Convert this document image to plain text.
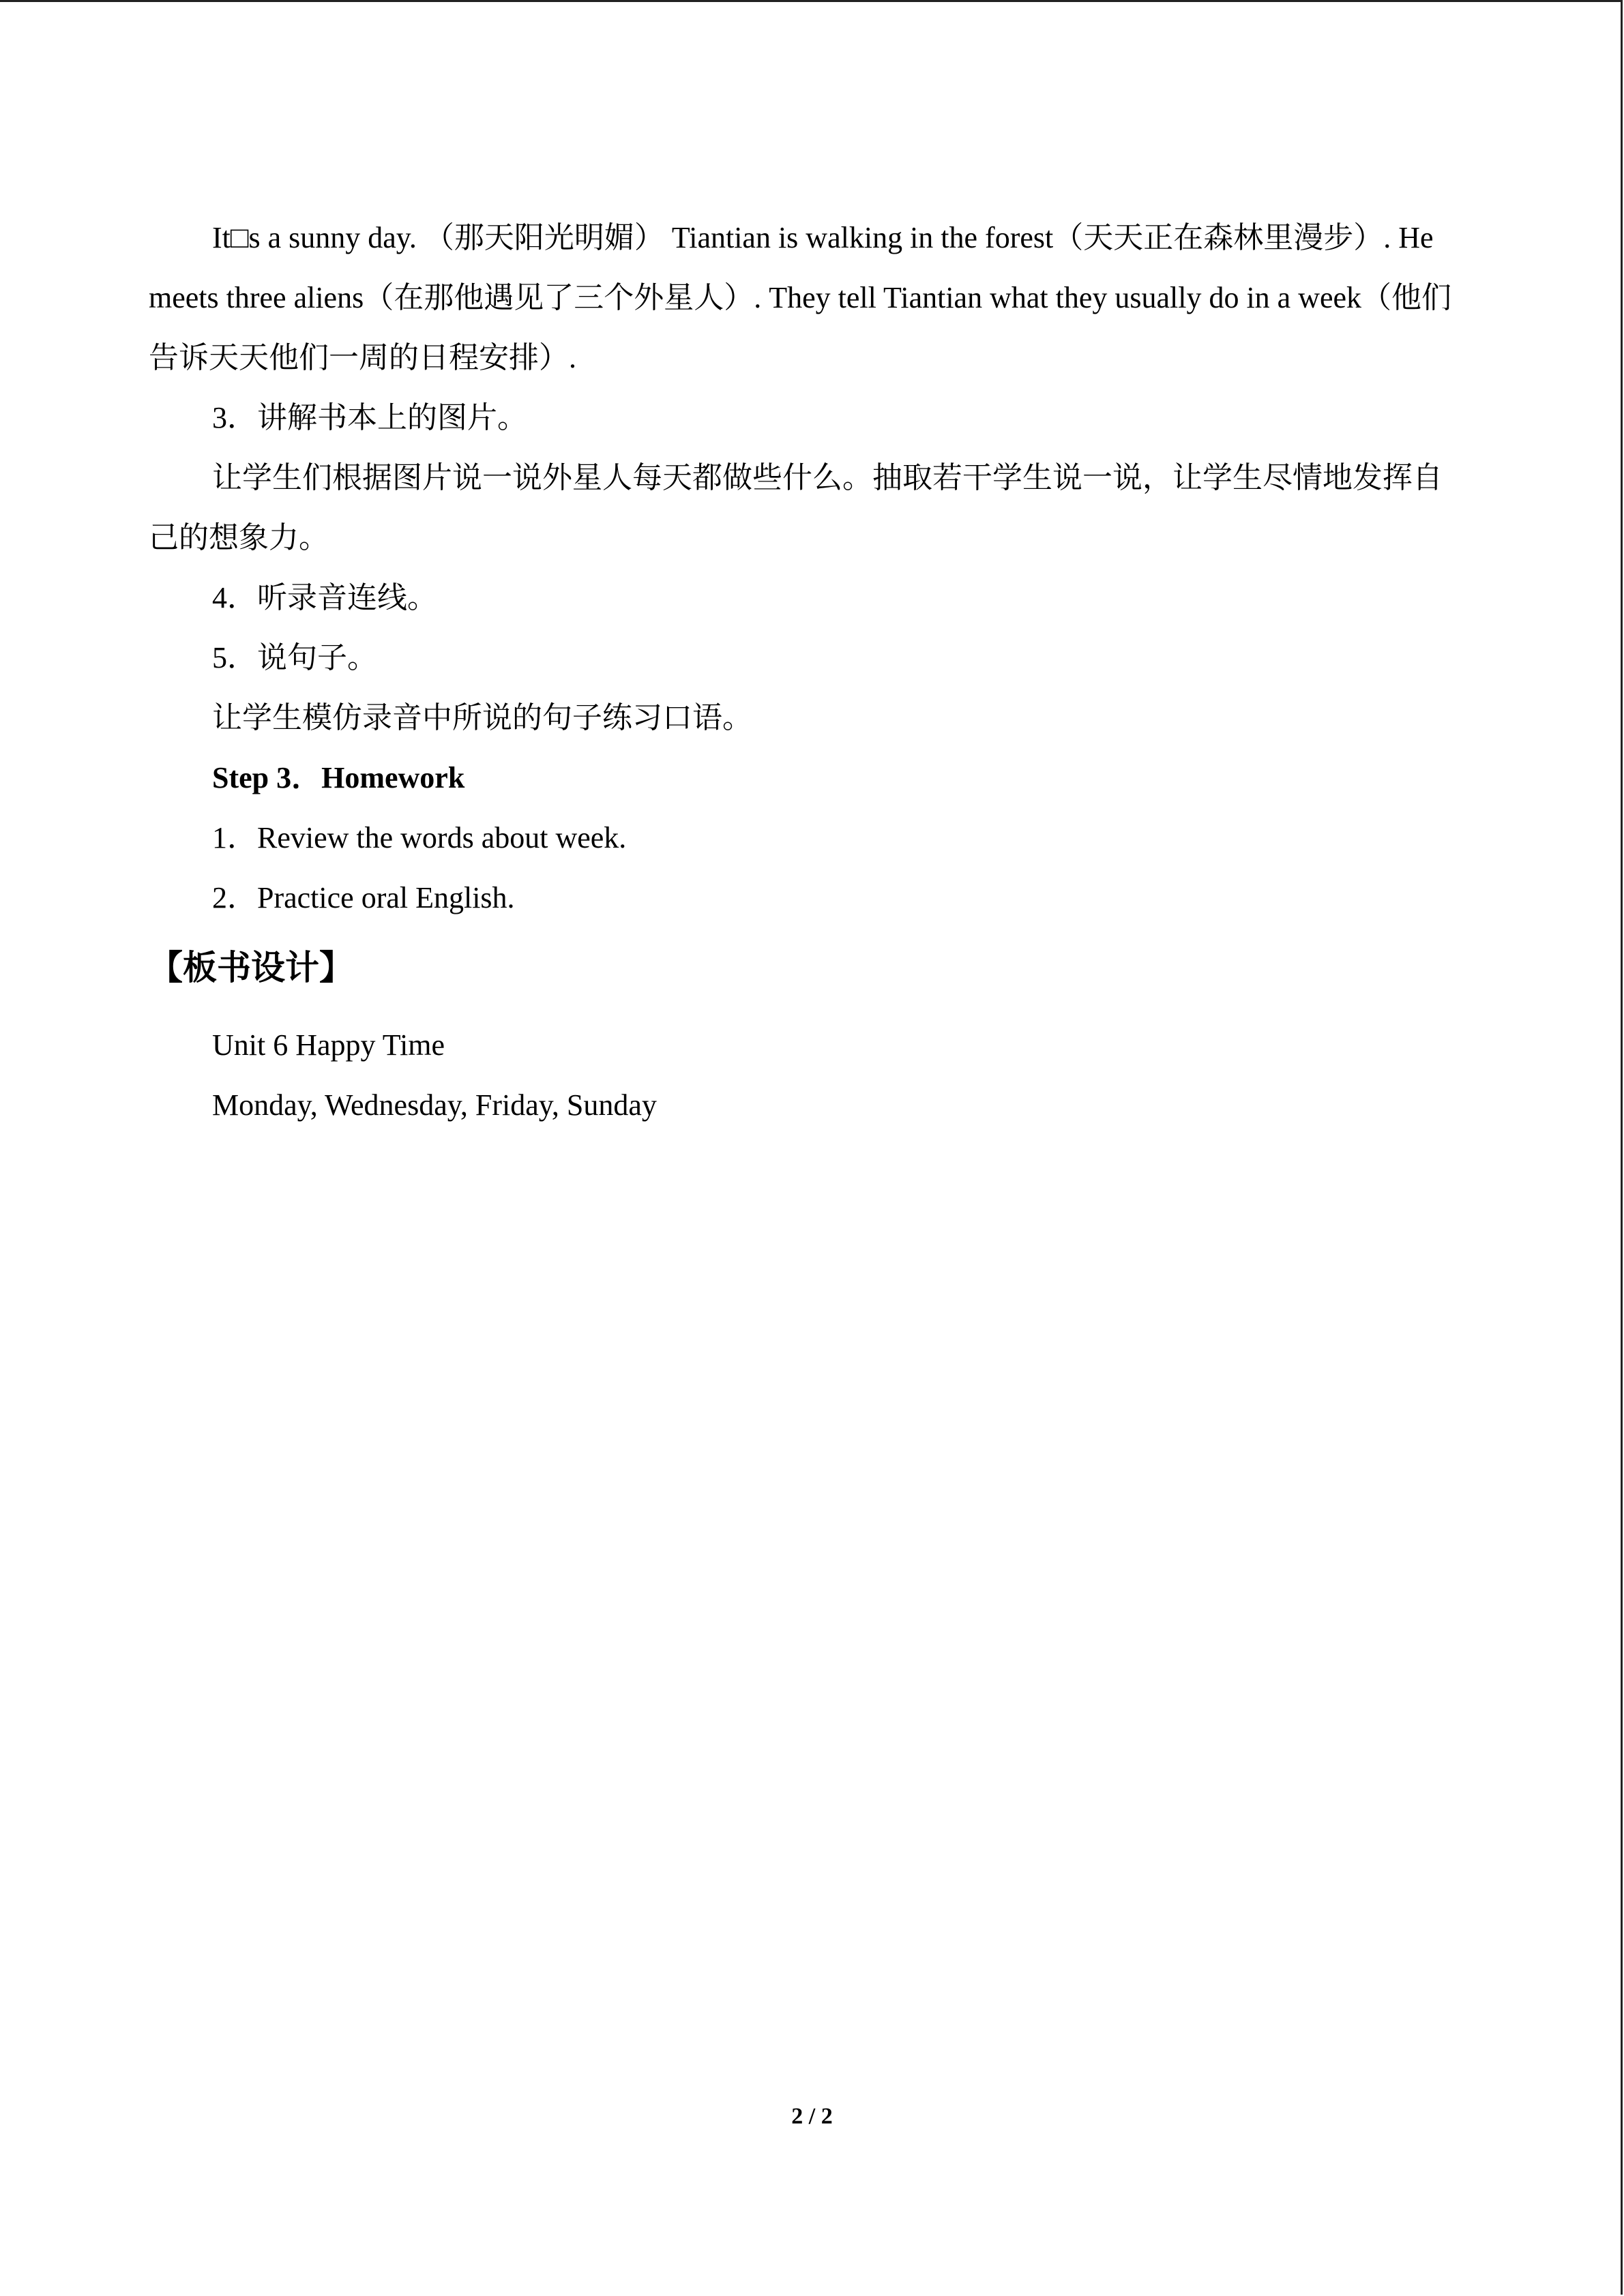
It□s a sunny day. （那天阳光明媚） Tiantian is walking in the forest（天天正在森林里漫步）. He meets three aliens（在那他遇见了三个外星人）. They tell Tiantian what they usually do in a week（他们告诉天天他们一周的日程安排）.

3．讲解书本上的图片。

让学生们根据图片说一说外星人每天都做些什么。抽取若干学生说一说，让学生尽情地发挥自己的想象力。

4．听录音连线。

5．说句子。

让学生模仿录音中所说的句子练习口语。

Step 3．Homework

1．Review the words about week.

2．Practice oral English.

【板书设计】

Unit 6 Happy Time

Monday, Wednesday, Friday, Sunday

2 / 2
